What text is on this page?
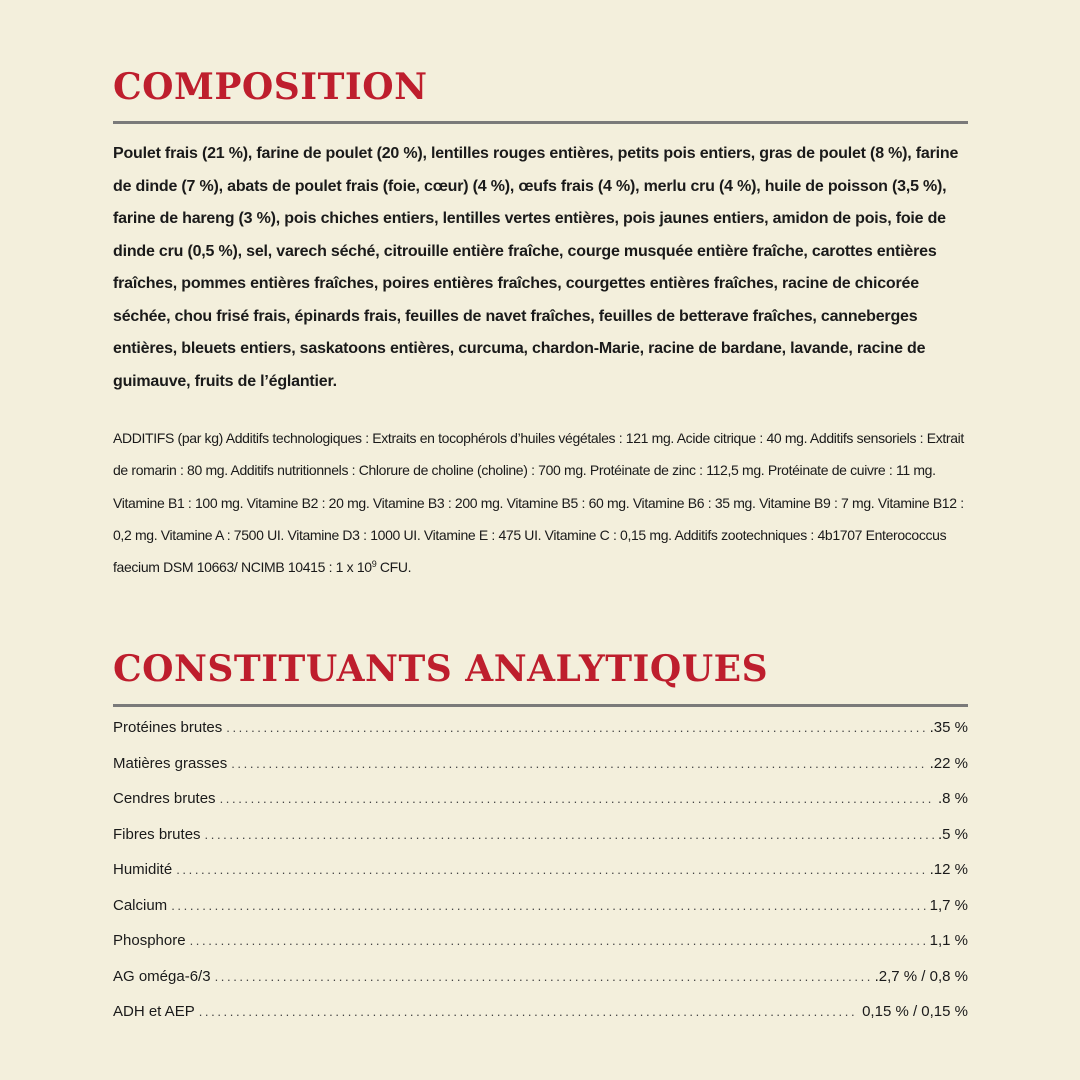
COMPOSITION

Poulet frais (21 %), farine de poulet (20 %), lentilles rouges entières, petits pois entiers, gras de poulet (8 %), farine de dinde (7 %), abats de poulet frais (foie, cœur) (4 %), œufs frais (4 %), merlu cru (4 %), huile de poisson (3,5 %), farine de hareng (3 %), pois chiches entiers, lentilles vertes entières, pois jaunes entiers, amidon de pois, foie de dinde cru (0,5 %), sel, varech séché, citrouille entière fraîche, courge musquée entière fraîche, carottes entières fraîches, pommes entières fraîches, poires entières fraîches, courgettes entières fraîches, racine de chicorée séchée, chou frisé frais, épinards frais, feuilles de navet fraîches, feuilles de betterave fraîches, canneberges entières, bleuets entiers, saskatoons entières, curcuma, chardon-Marie, racine de bardane, lavande, racine de guimauve, fruits de l’églantier.

ADDITIFS (par kg) Additifs technologiques : Extraits en tocophérols d’huiles végétales : 121 mg. Acide citrique : 40 mg. Additifs sensoriels : Extrait de romarin : 80 mg. Additifs nutritionnels : Chlorure de choline (choline) : 700 mg. Protéinate de zinc : 112,5 mg. Protéinate de cuivre : 11 mg. Vitamine B1 : 100 mg. Vitamine B2 : 20 mg. Vitamine B3 : 200 mg. Vitamine B5 : 60 mg. Vitamine B6 : 35 mg. Vitamine B9 : 7 mg. Vitamine B12 : 0,2 mg. Vitamine A : 7500 UI. Vitamine D3 : 1000 UI. Vitamine E : 475 UI. Vitamine C : 0,15 mg. Additifs zootechniques : 4b1707 Enterococcus faecium DSM 10663/ NCIMB 10415 : 1 x $10^9$ CFU.

CONSTITUANTS ANALYTIQUES
Protéines brutes .....	.35 %
Matières grasses .....	.22 %
Cendres brutes .....	.8 %
Fibres brutes .....	.5 %
Humidité .....	.12 %
Calcium .....	1,7 %
Phosphore .....	1,1 %
AG oméga-6/3 .....	.2,7 % / 0,8 %
ADH et AEP .....	0,15 % / 0,15 %
